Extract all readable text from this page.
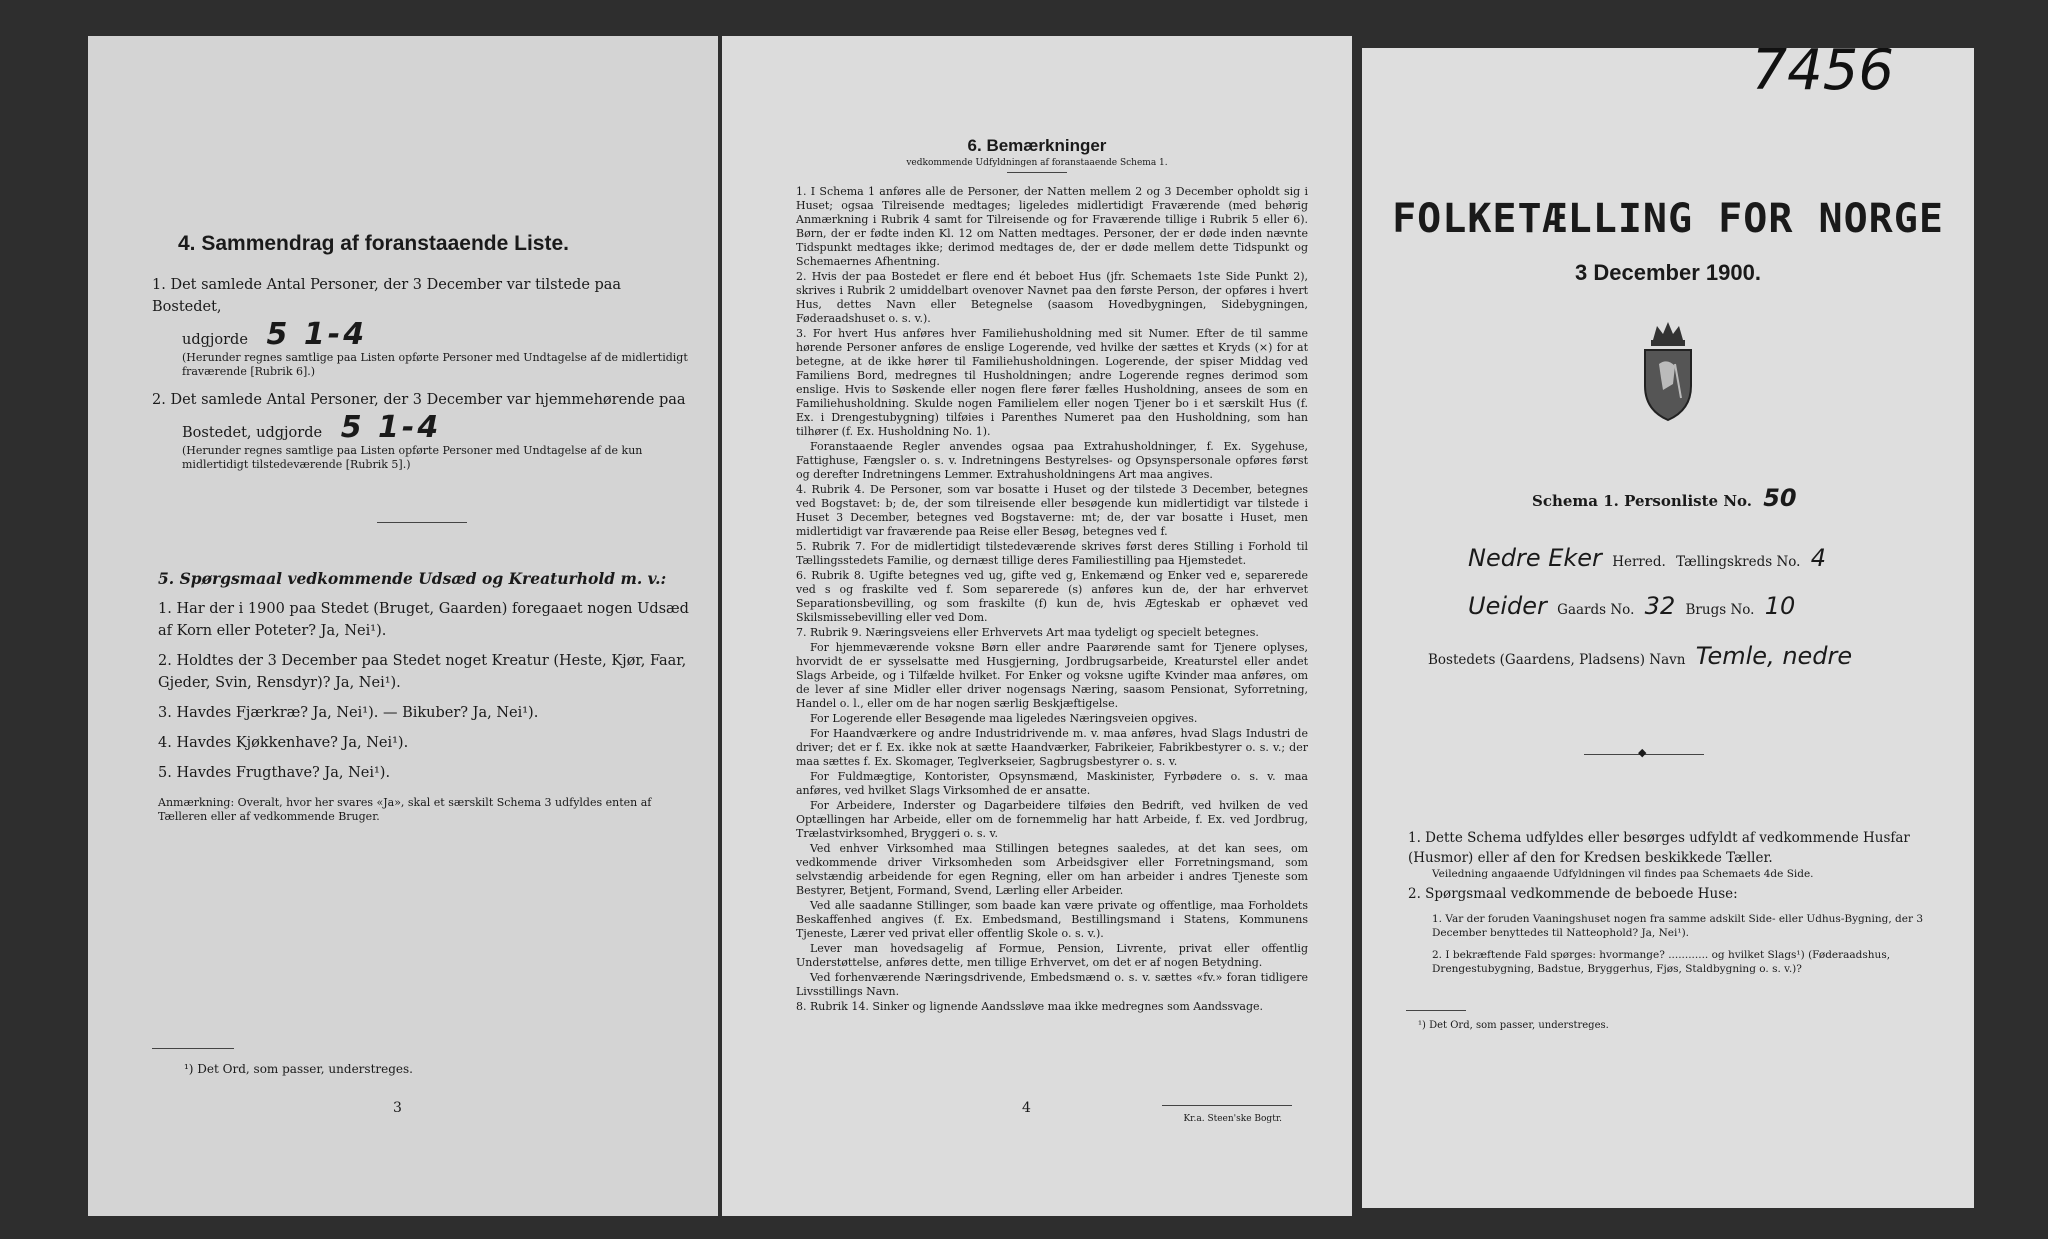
4. Sammendrag af foranstaaende Liste.
1. Det samlede Antal Personer, der 3 December var tilstede paa Bostedet,
udgjorde 5 1-4
(Herunder regnes samtlige paa Listen opførte Personer med Undtagelse af de midlertidigt fraværende [Rubrik 6].)
2. Det samlede Antal Personer, der 3 December var hjemmehørende paa
Bostedet, udgjorde 5 1-4
(Herunder regnes samtlige paa Listen opførte Personer med Undtagelse af de kun midlertidigt tilstedeværende [Rubrik 5].)
5. Spørgsmaal vedkommende Udsæd og Kreaturhold m. v.:
1. Har der i 1900 paa Stedet (Bruget, Gaarden) foregaaet nogen Udsæd af Korn eller Poteter? Ja, Nei¹).
2. Holdtes der 3 December paa Stedet noget Kreatur (Heste, Kjør, Faar, Gjeder, Svin, Rensdyr)? Ja, Nei¹).
3. Havdes Fjærkræ? Ja, Nei¹). — Bikuber? Ja, Nei¹).
4. Havdes Kjøkkenhave? Ja, Nei¹).
5. Havdes Frugthave? Ja, Nei¹).
Anmærkning: Overalt, hvor her svares «Ja», skal et særskilt Schema 3 udfyldes enten af Tælleren eller af vedkommende Bruger.
¹) Det Ord, som passer, understreges.
3
6. Bemærkninger
vedkommende Udfyldningen af foranstaaende Schema 1.
1. I Schema 1 anføres alle de Personer, der Natten mellem 2 og 3 December opholdt sig i Huset; ogsaa Tilreisende medtages; ligeledes midlertidigt Fraværende (med behørig Anmærkning i Rubrik 4 samt for Tilreisende og for Fraværende tillige i Rubrik 5 eller 6). Børn, der er fødte inden Kl. 12 om Natten medtages. Personer, der er døde inden nævnte Tidspunkt medtages ikke; derimod medtages de, der er døde mellem dette Tidspunkt og Schemaernes Afhentning.
2. Hvis der paa Bostedet er flere end ét beboet Hus (jfr. Schemaets 1ste Side Punkt 2), skrives i Rubrik 2 umiddelbart ovenover Navnet paa den første Person, der opføres i hvert Hus, dettes Navn eller Betegnelse (saasom Hovedbygningen, Sidebygningen, Føderaadshuset o. s. v.).
3. For hvert Hus anføres hver Familiehusholdning med sit Numer. Efter de til samme hørende Personer anføres de enslige Logerende, ved hvilke der sættes et Kryds (×) for at betegne, at de ikke hører til Familiehusholdningen. Logerende, der spiser Middag ved Familiens Bord, medregnes til Husholdningen; andre Logerende regnes derimod som enslige. Hvis to Søskende eller nogen flere fører fælles Husholdning, ansees de som en Familiehusholdning. Skulde nogen Familielem eller nogen Tjener bo i et særskilt Hus (f. Ex. i Drengestubygning) tilføies i Parenthes Numeret paa den Husholdning, som han tilhører (f. Ex. Husholdning No. 1).
Foranstaaende Regler anvendes ogsaa paa Extrahusholdninger, f. Ex. Sygehuse, Fattighuse, Fængsler o. s. v. Indretningens Bestyrelses- og Opsynspersonale opføres først og derefter Indretningens Lemmer. Extrahusholdningens Art maa angives.
4. Rubrik 4. De Personer, som var bosatte i Huset og der tilstede 3 December, betegnes ved Bogstavet: b; de, der som tilreisende eller besøgende kun midlertidigt var tilstede i Huset 3 December, betegnes ved Bogstaverne: mt; de, der var bosatte i Huset, men midlertidigt var fraværende paa Reise eller Besøg, betegnes ved f.
5. Rubrik 7. For de midlertidigt tilstedeværende skrives først deres Stilling i Forhold til Tællingsstedets Familie, og dernæst tillige deres Familiestilling paa Hjemstedet.
6. Rubrik 8. Ugifte betegnes ved ug, gifte ved g, Enkemænd og Enker ved e, separerede ved s og fraskilte ved f. Som separerede (s) anføres kun de, der har erhvervet Separationsbevilling, og som fraskilte (f) kun de, hvis Ægteskab er ophævet ved Skilsmissebevilling eller ved Dom.
7. Rubrik 9. Næringsveiens eller Erhvervets Art maa tydeligt og specielt betegnes.
For hjemmeværende voksne Børn eller andre Paarørende samt for Tjenere oplyses, hvorvidt de er sysselsatte med Husgjerning, Jordbrugsarbeide, Kreaturstel eller andet Slags Arbeide, og i Tilfælde hvilket. For Enker og voksne ugifte Kvinder maa anføres, om de lever af sine Midler eller driver nogensags Næring, saasom Pensionat, Syforretning, Handel o. l., eller om de har nogen særlig Beskjæftigelse.
For Logerende eller Besøgende maa ligeledes Næringsveien opgives.
For Haandværkere og andre Industridrivende m. v. maa anføres, hvad Slags Industri de driver; det er f. Ex. ikke nok at sætte Haandværker, Fabrikeier, Fabrikbestyrer o. s. v.; der maa sættes f. Ex. Skomager, Teglverkseier, Sagbrugsbestyrer o. s. v.
For Fuldmægtige, Kontorister, Opsynsmænd, Maskinister, Fyrbødere o. s. v. maa anføres, ved hvilket Slags Virksomhed de er ansatte.
For Arbeidere, Inderster og Dagarbeidere tilføies den Bedrift, ved hvilken de ved Optællingen har Arbeide, eller om de fornemmelig har hatt Arbeide, f. Ex. ved Jordbrug, Trælastvirksomhed, Bryggeri o. s. v.
Ved enhver Virksomhed maa Stillingen betegnes saaledes, at det kan sees, om vedkommende driver Virksomheden som Arbeidsgiver eller Forretningsmand, som selvstændig arbeidende for egen Regning, eller om han arbeider i andres Tjeneste som Bestyrer, Betjent, Formand, Svend, Lærling eller Arbeider.
Ved alle saadanne Stillinger, som baade kan være private og offentlige, maa Forholdets Beskaffenhed angives (f. Ex. Embedsmand, Bestillingsmand i Statens, Kommunens Tjeneste, Lærer ved privat eller offentlig Skole o. s. v.).
Lever man hovedsagelig af Formue, Pension, Livrente, privat eller offentlig Understøttelse, anføres dette, men tillige Erhvervet, om det er af nogen Betydning.
Ved forhenværende Næringsdrivende, Embedsmænd o. s. v. sættes «fv.» foran tidligere Livsstillings Navn.
8. Rubrik 14. Sinker og lignende Aandssløve maa ikke medregnes som Aandssvage.
4
Kr.a. Steen'ske Bogtr.
7456
FOLKETÆLLING FOR NORGE
3 December 1900.
Schema 1. Personliste No. 50
Nedre Eker Herred. Tællingskreds No. 4
Ueider Gaards No. 32 Brugs No. 10
Bostedets (Gaardens, Pladsens) Navn Temle, nedre
◆
1. Dette Schema udfyldes eller besørges udfyldt af vedkommende Husfar (Husmor) eller af den for Kredsen beskikkede Tæller.
Veiledning angaaende Udfyldningen vil findes paa Schemaets 4de Side.
2. Spørgsmaal vedkommende de beboede Huse:
1. Var der foruden Vaaningshuset nogen fra samme adskilt Side- eller Udhus-Bygning, der 3 December benyttedes til Natteophold? Ja, Nei¹).
2. I bekræftende Fald spørges: hvormange? ............ og hvilket Slags¹) (Føderaadshus, Drengestubygning, Badstue, Bryggerhus, Fjøs, Staldbygning o. s. v.)?
¹) Det Ord, som passer, understreges.
